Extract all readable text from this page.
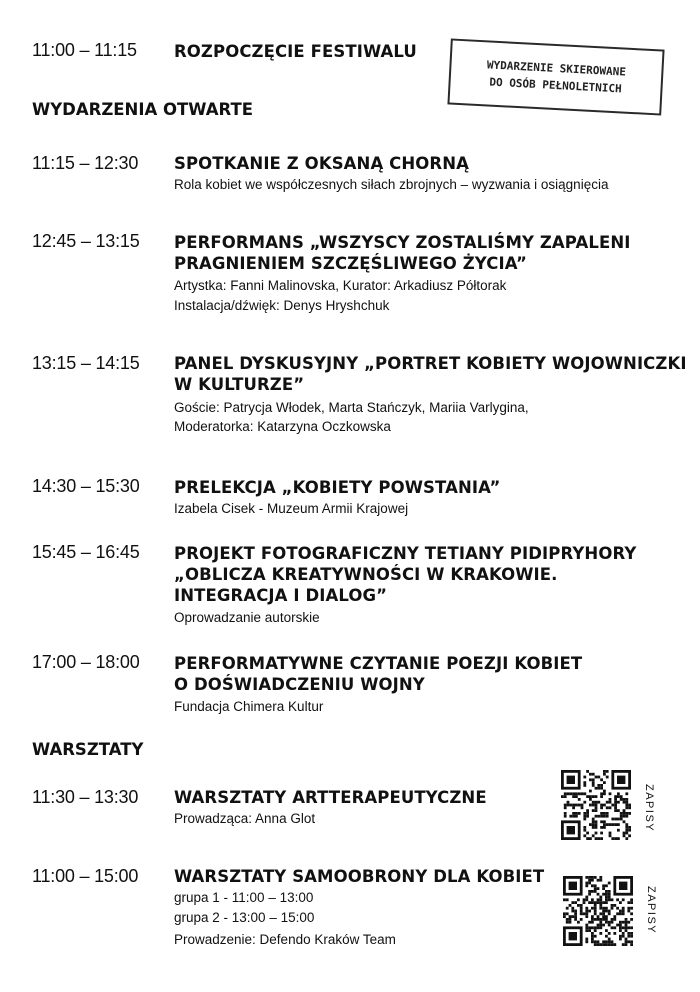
WYDARZENIE SKIEROWANE
DO OSÓB PEŁNOLETNICH
11:00 – 11:15 ROZPOCZĘCIE FESTIWALU
WYDARZENIA OTWARTE
11:15 – 12:30 SPOTKANIE Z OKSANĄ CHORNĄ
Rola kobiet we współczesnych siłach zbrojnych – wyzwania i osiągnięcia
12:45 – 13:15 PERFORMANS „WSZYSCY ZOSTALIŚMY ZAPALENI
PRAGNIENIEM SZCZĘŚLIWEGO ŻYCIA”
Artystka: Fanni Malinovska, Kurator: Arkadiusz Półtorak
Instalacja/dźwięk: Denys Hryshchuk
13:15 – 14:15 PANEL DYSKUSYJNY „PORTRET KOBIETY WOJOWNICZKI
W KULTURZE”
Goście: Patrycja Włodek, Marta Stańczyk, Mariia Varlygina,
Moderatorka: Katarzyna Oczkowska
14:30 – 15:30 PRELEKCJA „KOBIETY POWSTANIA”
Izabela Cisek - Muzeum Armii Krajowej
15:45 – 16:45 PROJEKT FOTOGRAFICZNY TETIANY PIDIPRYHORY
„OBLICZA KREATYWNOŚCI W KRAKOWIE.
INTEGRACJA I DIALOG”
Oprowadzanie autorskie
17:00 – 18:00 PERFORMATYWNE CZYTANIE POEZJI KOBIET
O DOŚWIADCZENIU WOJNY
Fundacja Chimera Kultur
WARSZTATY
11:30 – 13:30 WARSZTATY ARTTERAPEUTYCZNE
Prowadząca: Anna Glot	ZAPISY
11:00 – 15:00 WARSZTATY SAMOOBRONY DLA KOBIET
grupa 1 - 11:00 – 13:00
grupa 2 - 13:00 – 15:00
Prowadzenie: Defendo Kraków Team
ZAPISY
